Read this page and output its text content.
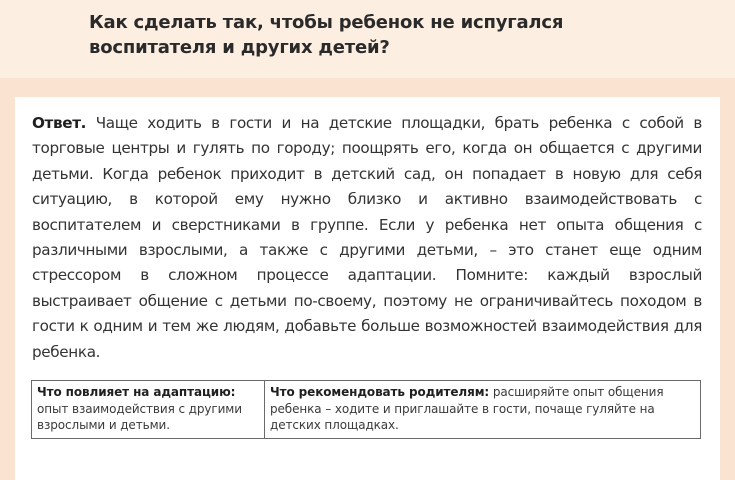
Как сделать так, чтобы ребенок не испугался воспитателя и других детей?

Ответ. Чаще ходить в гости и на детские площадки, брать ребенка с собой в торговые центры и гулять по городу; поощрять его, когда он общается с другими детьми. Когда ребенок приходит в детский сад, он попадает в новую для себя ситуацию, в которой ему нужно близко и активно взаимодействовать с воспитателем и сверстниками в группе. Если у ребенка нет опыта общения с различными взрослыми, а также с другими детьми, – это станет еще одним стрессором в сложном процессе адаптации. Помните: каждый взрослый выстраивает общение с детьми по-своему, поэтому не ограничивайтесь походом в гости к одним и тем же людям, добавьте больше возможностей взаимодействия для ребенка.

Что повлияет на адаптацию: опыт взаимодействия с другими взрослыми и детьми.	Что рекомендовать родителям: расширяйте опыт общения ребенка – ходите и приглашайте в гости, почаще гуляйте на детских площадках.
